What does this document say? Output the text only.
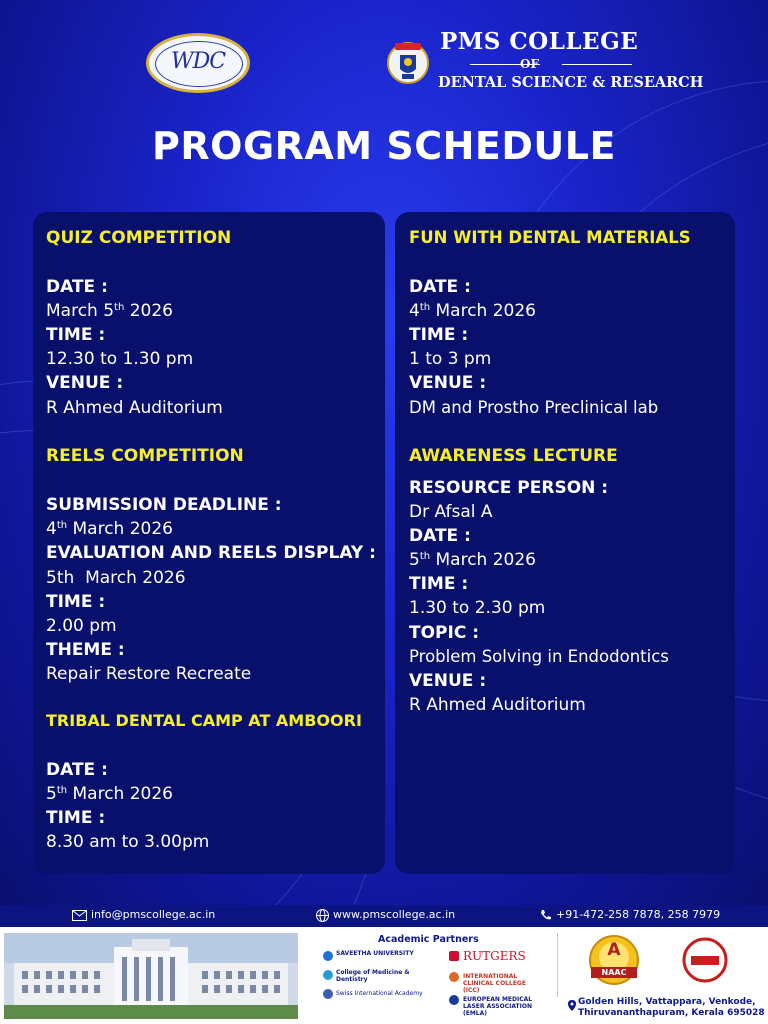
WDC
PMS COLLEGE
OF
DENTAL SCIENCE & RESEARCH
PROGRAM SCHEDULE
QUIZ COMPETITION
DATE :
March 5th 2026
TIME :
12.30 to 1.30 pm
VENUE :
R Ahmed Auditorium
REELS COMPETITION
SUBMISSION DEADLINE :
4th March 2026
EVALUATION AND REELS DISPLAY :
5th  March 2026
TIME :
2.00 pm
THEME :
Repair Restore Recreate
TRIBAL DENTAL CAMP AT AMBOORI
DATE :
5th March 2026
TIME :
8.30 am to 3.00pm
FUN WITH DENTAL MATERIALS
DATE :
4th March 2026
TIME :
1 to 3 pm
VENUE :
DM and Prostho Preclinical lab
AWARENESS LECTURE
RESOURCE PERSON :
Dr Afsal A
DATE :
5th March 2026
TIME :
1.30 to 2.30 pm
TOPIC :
Problem Solving in Endodontics
VENUE :
R Ahmed Auditorium
info@pmscollege.ac.in	www.pmscollege.ac.in	+91-472-258 7878, 258 7979
Academic Partners
SAVEETHA UNIVERSITY
College of Medicine & Dentistry
Swiss International Academy
RUTGERS
INTERNATIONAL CLINICAL COLLEGE (ICC)
EUROPEAN MEDICAL LASER ASSOCIATION (EMLA)
A
NAAC
DSIR
SIRO
Golden Hills, Vattappara, Venkode,
Thiruvananthapuram, Kerala 695028
